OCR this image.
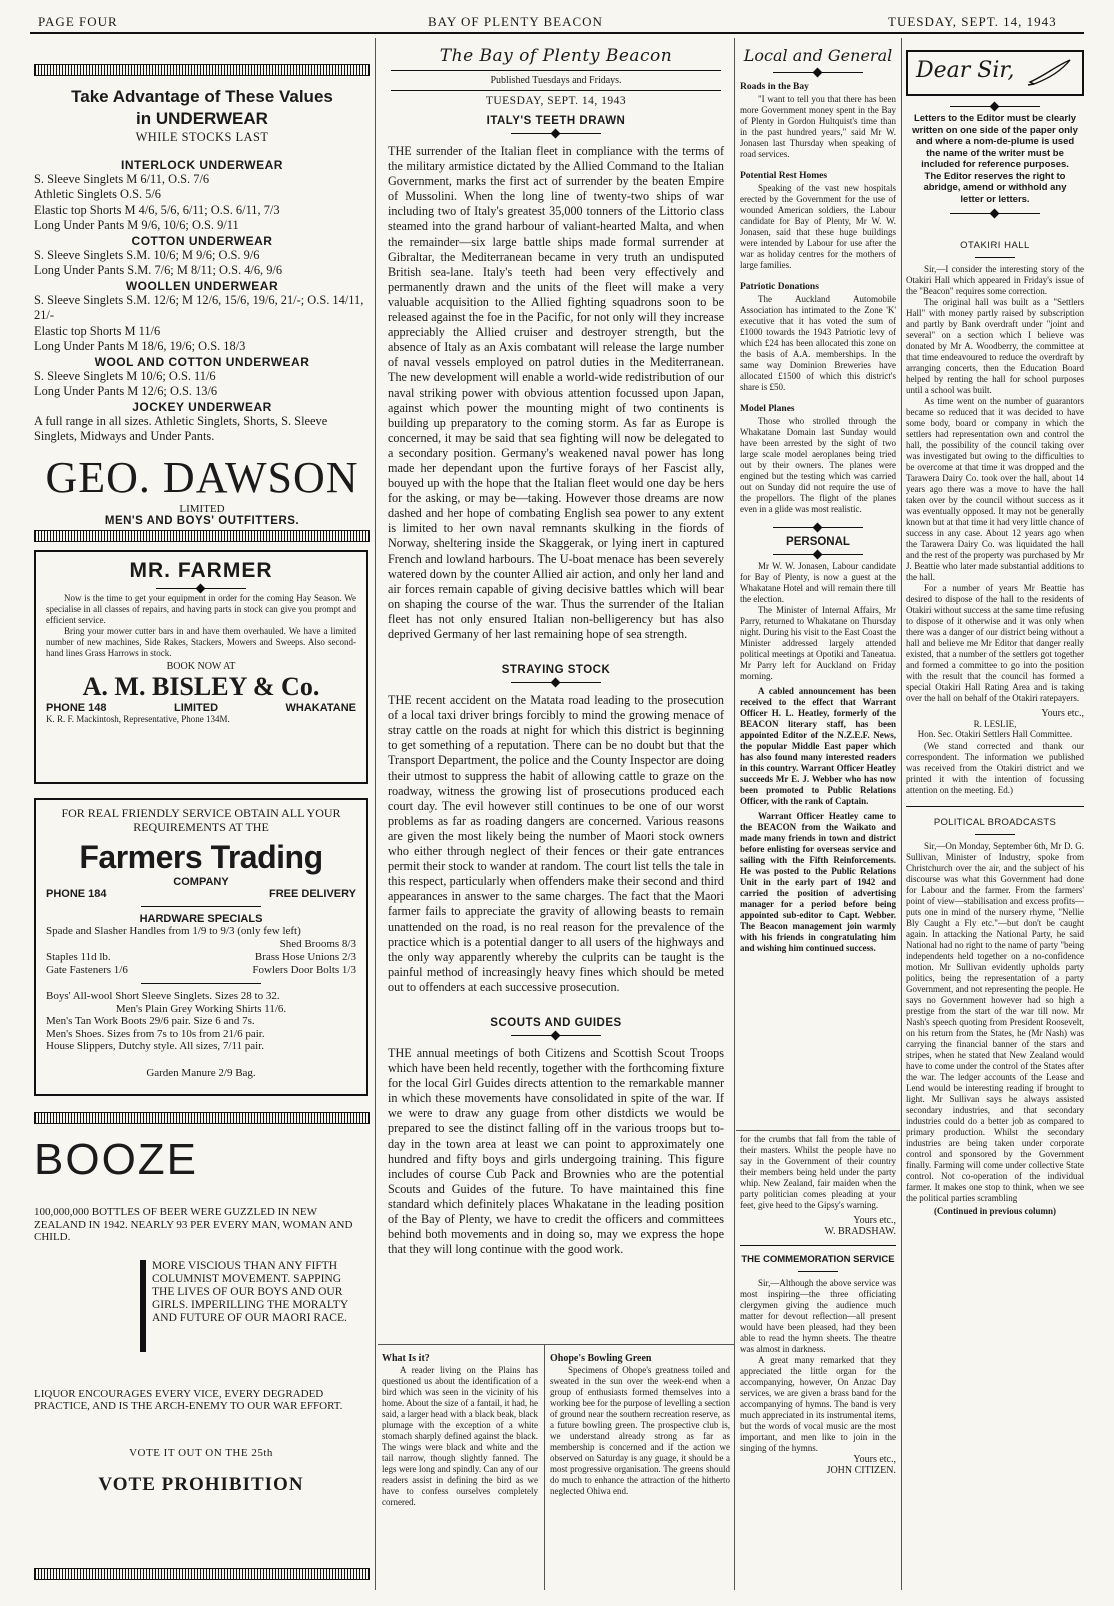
PAGE FOUR	BAY OF PLENTY BEACON	TUESDAY, SEPT. 14, 1943
Take Advantage of These Values
in UNDERWEAR
WHILE STOCKS LAST
INTERLOCK UNDERWEAR
S. Sleeve Singlets M 6/11, O.S. 7/6
Athletic Singlets O.S. 5/6
Elastic top Shorts M 4/6, 5/6, 6/11; O.S. 6/11, 7/3
Long Under Pants M 9/6, 10/6; O.S. 9/11
COTTON UNDERWEAR
S. Sleeve Singlets S.M. 10/6; M 9/6; O.S. 9/6
Long Under Pants S.M. 7/6; M 8/11; O.S. 4/6, 9/6
WOOLLEN UNDERWEAR
S. Sleeve Singlets S.M. 12/6; M 12/6, 15/6, 19/6, 21/-; O.S. 14/11, 21/-
Elastic top Shorts M 11/6
Long Under Pants M 18/6, 19/6; O.S. 18/3
WOOL AND COTTON UNDERWEAR
S. Sleeve Singlets M 10/6; O.S. 11/6
Long Under Pants M 12/6; O.S. 13/6
JOCKEY UNDERWEAR
A full range in all sizes. Athletic Singlets, Shorts, S. Sleeve Singlets, Midways and Under Pants.
GEO. DAWSON
LIMITED
MEN'S AND BOYS' OUTFITTERS.
MR. FARMER

Now is the time to get your equipment in order for the coming Hay Season. We specialise in all classes of repairs, and having parts in stock can give you prompt and efficient service.

Bring your mower cutter bars in and have them overhauled. We have a limited number of new machines, Side Rakes, Stackers, Mowers and Sweeps. Also second-hand lines Grass Harrows in stock.

BOOK NOW AT
A. M. BISLEY & Co.
PHONE 148	LIMITED	WHAKATANE
K. R. F. Mackintosh, Representative, Phone 134M.
FOR REAL FRIENDLY SERVICE OBTAIN ALL YOUR REQUIREMENTS AT THE
Farmers Trading
COMPANY
PHONE 184	FREE DELIVERY
HARDWARE SPECIALS
Spade and Slasher Handles from 1/9 to 9/3 (only few left)
Shed Brooms 8/3
Staples 11d lb.	Brass Hose Unions 2/3
Gate Fasteners 1/6	Fowlers Door Bolts 1/3
Boys' All-wool Short Sleeve Singlets. Sizes 28 to 32.
Men's Plain Grey Working Shirts 11/6.
Men's Tan Work Boots 29/6 pair. Size 6 and 7s.
Men's Shoes. Sizes from 7s to 10s from 21/6 pair.
House Slippers, Dutchy style. All sizes, 7/11 pair.
Garden Manure 2/9 Bag.
BOOZE
100,000,000 BOTTLES OF BEER WERE GUZZLED IN NEW ZEALAND IN 1942. NEARLY 93 PER EVERY MAN, WOMAN AND CHILD.
MORE VISCIOUS THAN ANY FIFTH COLUMNIST MOVEMENT. SAPPING THE LIVES OF OUR BOYS AND OUR GIRLS. IMPERILLING THE MORALTY AND FUTURE OF OUR MAORI RACE.
LIQUOR ENCOURAGES EVERY VICE, EVERY DEGRADED PRACTICE, AND IS THE ARCH-ENEMY TO OUR WAR EFFORT.
VOTE IT OUT ON THE 25th
VOTE PROHIBITION
The Bay of Plenty Beacon
Published Tuesdays and Fridays.
TUESDAY, SEPT. 14, 1943
ITALY'S TEETH DRAWN

THE surrender of the Italian fleet in compliance with the terms of the military armistice dictated by the Allied Command to the Italian Government, marks the first act of surrender by the beaten Empire of Mussolini. When the long line of twenty-two ships of war including two of Italy's greatest 35,000 tonners of the Littorio class steamed into the grand harbour of valiant-hearted Malta, and when the remainder—six large battle ships made formal surrender at Gibraltar, the Mediterranean became in very truth an undisputed British sea-lane. Italy's teeth had been very effectively and permanently drawn and the units of the fleet will make a very valuable acquisition to the Allied fighting squadrons soon to be released against the foe in the Pacific, for not only will they increase appreciably the Allied cruiser and destroyer strength, but the absence of Italy as an Axis combatant will release the large number of naval vessels employed on patrol duties in the Mediterranean. The new development will enable a world-wide redistribution of our naval striking power with obvious attention focussed upon Japan, against which power the mounting might of two continents is building up preparatory to the coming storm. As far as Europe is concerned, it may be said that sea fighting will now be delegated to a secondary position. Germany's weakened naval power has long made her dependant upon the furtive forays of her Fascist ally, bouyed up with the hope that the Italian fleet would one day be hers for the asking, or may be—taking. However those dreams are now dashed and her hope of combating English sea power to any extent is limited to her own naval remnants skulking in the fiords of Norway, sheltering inside the Skaggerak, or lying inert in captured French and lowland harbours. The U-boat menace has been severely watered down by the counter Allied air action, and only her land and air forces remain capable of giving decisive battles which will bear on shaping the course of the war. Thus the surrender of the Italian fleet has not only ensured Italian non-belligerency but has also deprived Germany of her last remaining hope of sea strength.

STRAYING STOCK

THE recent accident on the Matata road leading to the prosecution of a local taxi driver brings forcibly to mind the growing menace of stray cattle on the roads at night for which this district is beginning to get something of a reputation. There can be no doubt but that the Transport Department, the police and the County Inspector are doing their utmost to suppress the habit of allowing cattle to graze on the roadway, witness the growing list of prosecutions produced each court day. The evil however still continues to be one of our worst problems as far as roading dangers are concerned. Various reasons are given the most likely being the number of Maori stock owners who either through neglect of their fences or their gate entrances permit their stock to wander at random. The court list tells the tale in this respect, particularly when offenders make their second and third appearances in answer to the same charges. The fact that the Maori farmer fails to appreciate the gravity of allowing beasts to remain unattended on the road, is no real reason for the prevalence of the practice which is a potential danger to all users of the highways and the only way apparently whereby the culprits can be taught is the painful method of increasingly heavy fines which should be meted out to offenders at each successive prosecution.

SCOUTS AND GUIDES

THE annual meetings of both Citizens and Scottish Scout Troops which have been held recently, together with the forthcoming fixture for the local Girl Guides directs attention to the remarkable manner in which these movements have consolidated in spite of the war. If we were to draw any guage from other distdicts we would be prepared to see the distinct falling off in the various troops but to-day in the town area at least we can point to approximately one hundred and fifty boys and girls undergoing training. This figure includes of course Cub Pack and Brownies who are the potential Scouts and Guides of the future. To have maintained this fine standard which definitely places Whakatane in the leading position of the Bay of Plenty, we have to credit the officers and committees behind both movements and in doing so, may we express the hope that they will long continue with the good work.

What Is it?

A reader living on the Plains has questioned us about the identification of a bird which was seen in the vicinity of his home. About the size of a fantail, it had, he said, a larger head with a black beak, black plumage with the exception of a white stomach sharply defined against the black. The wings were black and white and the tail narrow, though slightly fanned. The legs were long and spindly. Can any of our readers assist in defining the bird as we have to confess ourselves completely cornered.

Ohope's Bowling Green

Specimens of Ohope's greatness toiled and sweated in the sun over the week-end when a group of enthusiasts formed themselves into a working bee for the purpose of levelling a section of ground near the southern recreation reserve, as a future bowling green. The prospective club is, we understand already strong as far as membership is concerned and if the action we observed on Saturday is any guage, it should be a most progressive organisation. The greens should do much to enhance the attraction of the hitherto neglected Ohiwa end.

Local and General
Roads in the Bay

"I want to tell you that there has been more Government money spent in the Bay of Plenty in Gordon Hultquist's time than in the past hundred years," said Mr W. Jonasen last Thursday when speaking of road services.

Potential Rest Homes

Speaking of the vast new hospitals erected by the Government for the use of wounded American soldiers, the Labour candidate for Bay of Plenty, Mr W. W. Jonasen, said that these huge buildings were intended by Labour for use after the war as holiday centres for the mothers of large families.

Patriotic Donations

The Auckland Automobile Association has intimated to the Zone 'K' executive that it has voted the sum of £1000 towards the 1943 Patriotic levy of which £24 has been allocated this zone on the basis of A.A. memberships. In the same way Dominion Breweries have allocated £1500 of which this district's share is £50.

Model Planes

Those who strolled through the Whakatane Domain last Sunday would have been arrested by the sight of two large scale model aeroplanes being tried out by their owners. The planes were engined but the testing which was carried out on Sunday did not require the use of the propellors. The flight of the planes even in a glide was most realistic.

PERSONAL

Mr W. W. Jonasen, Labour candidate for Bay of Plenty, is now a guest at the Whakatane Hotel and will remain there till the election.

The Minister of Internal Affairs, Mr Parry, returned to Whakatane on Thursday night. During his visit to the East Coast the Minister addressed largely attended political meetings at Opotiki and Taneatua. Mr Parry left for Auckland on Friday morning.

A cabled announcement has been received to the effect that Warrant Officer H. L. Heatley, formerly of the BEACON literary staff, has been appointed Editor of the N.Z.E.F. News, the popular Middle East paper which has also found many interested readers in this country. Warrant Officer Heatley succeeds Mr E. J. Webber who has now been promoted to Public Relations Officer, with the rank of Captain.

Warrant Officer Heatley came to the BEACON from the Waikato and made many friends in town and district before enlisting for overseas service and sailing with the Fifth Reinforcements. He was posted to the Public Relations Unit in the early part of 1942 and carried the position of advertising manager for a period before being appointed sub-editor to Capt. Webber. The Beacon management join warmly with his friends in congratulating him and wishing him continued success.

for the crumbs that fall from the table of their masters. Whilst the people have no say in the Government of their country their members being held under the party whip. New Zealand, fair maiden when the party politician comes pleading at your feet, give heed to the Gipsy's warning.

Yours etc.,
W. BRADSHAW.
THE COMMEMORATION SERVICE

Sir,—Although the above service was most inspiring—the three officiating clergymen giving the audience much matter for devout reflection—all present would have been pleased, had they been able to read the hymn sheets. The theatre was almost in darkness.

A great many remarked that they appreciated the little organ for the accompanying, however, On Anzac Day services, we are given a brass band for the accompanying of hymns. The band is very much appreciated in its instrumental items, but the words of vocal music are the most important, and men like to join in the singing of the hymns.

Yours etc.,
JOHN CITIZEN.
Dear Sir,

Letters to the Editor must be clearly written on one side of the paper only and where a nom-de-plume is used the name of the writer must be included for reference purposes. The Editor reserves the right to abridge, amend or withhold any letter or letters.

OTAKIRI HALL

Sir,—I consider the interesting story of the Otakiri Hall which appeared in Friday's issue of the "Beacon" requires some correction.

The original hall was built as a "Settlers Hall" with money partly raised by subscription and partly by Bank overdraft under "joint and several" on a section which I believe was donated by Mr A. Woodberry, the committee at that time endeavoured to reduce the overdraft by arranging concerts, then the Education Board helped by renting the hall for school purposes until a school was built.

As time went on the number of guarantors became so reduced that it was decided to have some body, board or company in which the settlers had representation own and control the hall, the possibility of the council taking over was investigated but owing to the difficulties to be overcome at that time it was dropped and the Tarawera Dairy Co. took over the hall, about 14 years ago there was a move to have the hall taken over by the council without success as it was eventually opposed. It may not be generally known but at that time it had very little chance of success in any case. About 12 years ago when the Tarawera Dairy Co. was liquidated the hall and the rest of the property was purchased by Mr J. Beattie who later made substantial additions to the hall.

For a number of years Mr Beattie has desired to dispose of the hall to the residents of Otakiri without success at the same time refusing to dispose of it otherwise and it was only when there was a danger of our district being without a hall and believe me Mr Editor that danger really existed, that a number of the settlers got together and formed a committee to go into the position with the result that the council has formed a special Otakiri Hall Rating Area and is taking over the hall on behalf of the Otakiri ratepayers.

Yours etc.,
R. LESLIE,
Hon. Sec. Otakiri Settlers Hall Committee.

(We stand corrected and thank our correspondent. The information we published was received from the Otakiri district and we printed it with the intention of focussing attention on the meeting. Ed.)

POLITICAL BROADCASTS

Sir,—On Monday, September 6th, Mr D. G. Sullivan, Minister of Industry, spoke from Christchurch over the air, and the subject of his discourse was what this Government had done for Labour and the farmer. From the farmers' point of view—stabilisation and excess profits—puts one in mind of the nursery rhyme, "Nellie Bly Caught a Fly etc."—but don't be caught again. In attacking the National Party, he said National had no right to the name of party "being independents held together on a no-confidence motion. Mr Sullivan evidently upholds party politics, being the representation of a party Government, and not representing the people. He says no Government however had so high a prestige from the start of the war till now. Mr Nash's speech quoting from President Roosevelt, on his return from the States, he (Mr Nash) was carrying the financial banner of the stars and stripes, when he stated that New Zealand would have to come under the control of the States after the war. The ledger accounts of the Lease and Lend would be interesting reading if brought to light. Mr Sullivan says he always assisted secondary industries, and that secondary industries could do a better job as compared to primary production. Whilst the secondary industries are being taken under corporate control and sponsored by the Government finally. Farming will come under collective State control. Not co-operation of the individual farmer. It makes one stop to think, when we see the political parties scrambling

(Continued in previous column)
